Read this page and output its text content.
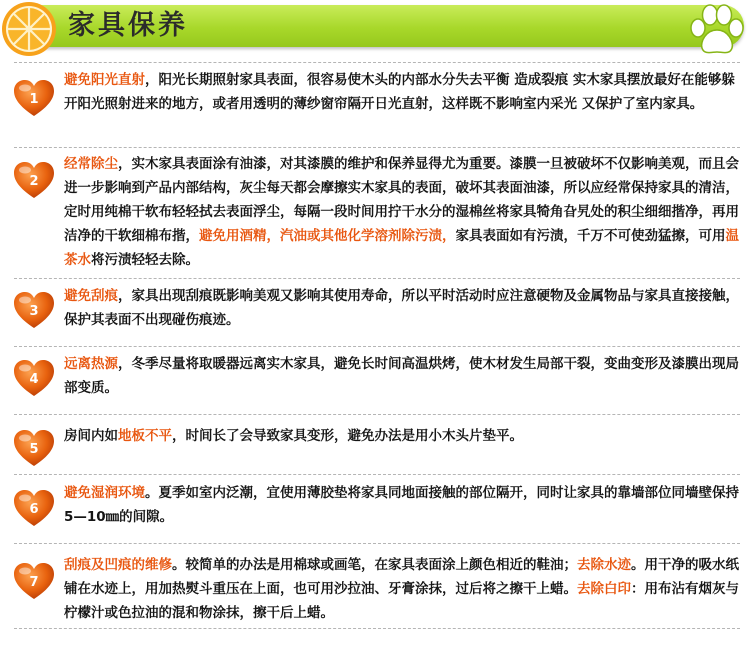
家具保养
1

避免阳光直射，阳光长期照射家具表面，很容易使木头的内部水分失去平衡 造成裂痕 实木家具摆放最好在能够躲开阳光照射进来的地方，或者用透明的薄纱窗帘隔开日光直射，这样既不影响室内采光 又保护了室内家具。

2

经常除尘，实木家具表面涂有油漆，对其漆膜的维护和保养显得尤为重要。漆膜一旦被破坏不仅影响美观，而且会进一步影响到产品内部结构，灰尘每天都会摩擦实木家具的表面，破坏其表面油漆，所以应经常保持家具的清洁，定时用纯棉干软布轻轻拭去表面浮尘，每隔一段时间用拧干水分的湿棉丝将家具犄角旮旯处的积尘细细揩净，再用洁净的干软细棉布揩，避免用酒精，汽油或其他化学溶剂除污渍，家具表面如有污渍，千万不可使劲猛擦，可用温茶水将污渍轻轻去除。

3

避免刮痕，家具出现刮痕既影响美观又影响其使用寿命，所以平时活动时应注意硬物及金属物品与家具直接接触，保护其表面不出现碰伤痕迹。

4

远离热源，冬季尽量将取暖器远离实木家具，避免长时间高温烘烤，使木材发生局部干裂，变曲变形及漆膜出现局部变质。

5

房间内如地板不平，时间长了会导致家具变形，避免办法是用小木头片垫平。

6

避免湿润环境。夏季如室内泛潮，宜使用薄胶垫将家具同地面接触的部位隔开，同时让家具的靠墙部位同墙壁保持5—10㎜的间隙。

7

刮痕及凹痕的维修。较简单的办法是用棉球或画笔，在家具表面涂上颜色相近的鞋油；去除水迹。用干净的吸水纸铺在水迹上，用加热熨斗重压在上面，也可用沙拉油、牙膏涂抹，过后将之擦干上蜡。去除白印：用布沾有烟灰与柠檬汁或色拉油的混和物涂抹，擦干后上蜡。
